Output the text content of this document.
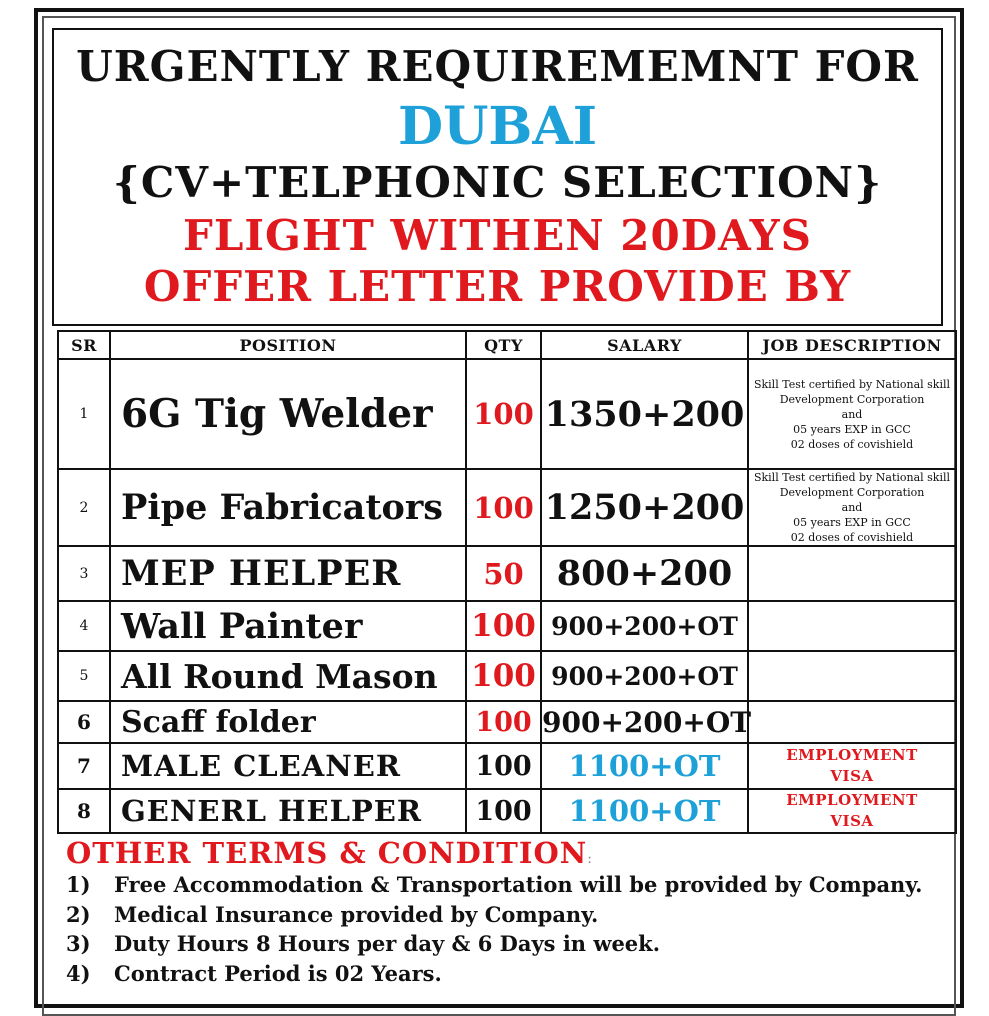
URGENTLY REQUIREMEMNT FOR
DUBAI
{CV+TELPHONIC SELECTION}
FLIGHT WITHEN 20DAYS
OFFER LETTER PROVIDE BY
SR	POSITION	QTY	SALARY	JOB DESCRIPTION
1	6G Tig Welder	100	1350+200	Skill Test certified by National skill
Development Corporation
and
05 years EXP in GCC
02 doses of covishield

2	Pipe Fabricators	100	1250+200	Skill Test certified by National skill
Development Corporation
and
05 years EXP in GCC
02 doses of covishield

3	MEP HELPER	50	800+200	
4	Wall Painter	100	900+200+OT	
5	All Round Mason	100	900+200+OT	
6	Scaff folder	100	900+200+OT	
7	MALE CLEANER	100	1100+OT	EMPLOYMENT
VISA

8	GENERL HELPER	100	1100+OT	EMPLOYMENT
VISA
OTHER TERMS & CONDITION:
1) Free Accommodation & Transportation will be provided by Company.
2) Medical Insurance provided by Company.
3) Duty Hours 8 Hours per day & 6 Days in week.
4) Contract Period is 02 Years.
